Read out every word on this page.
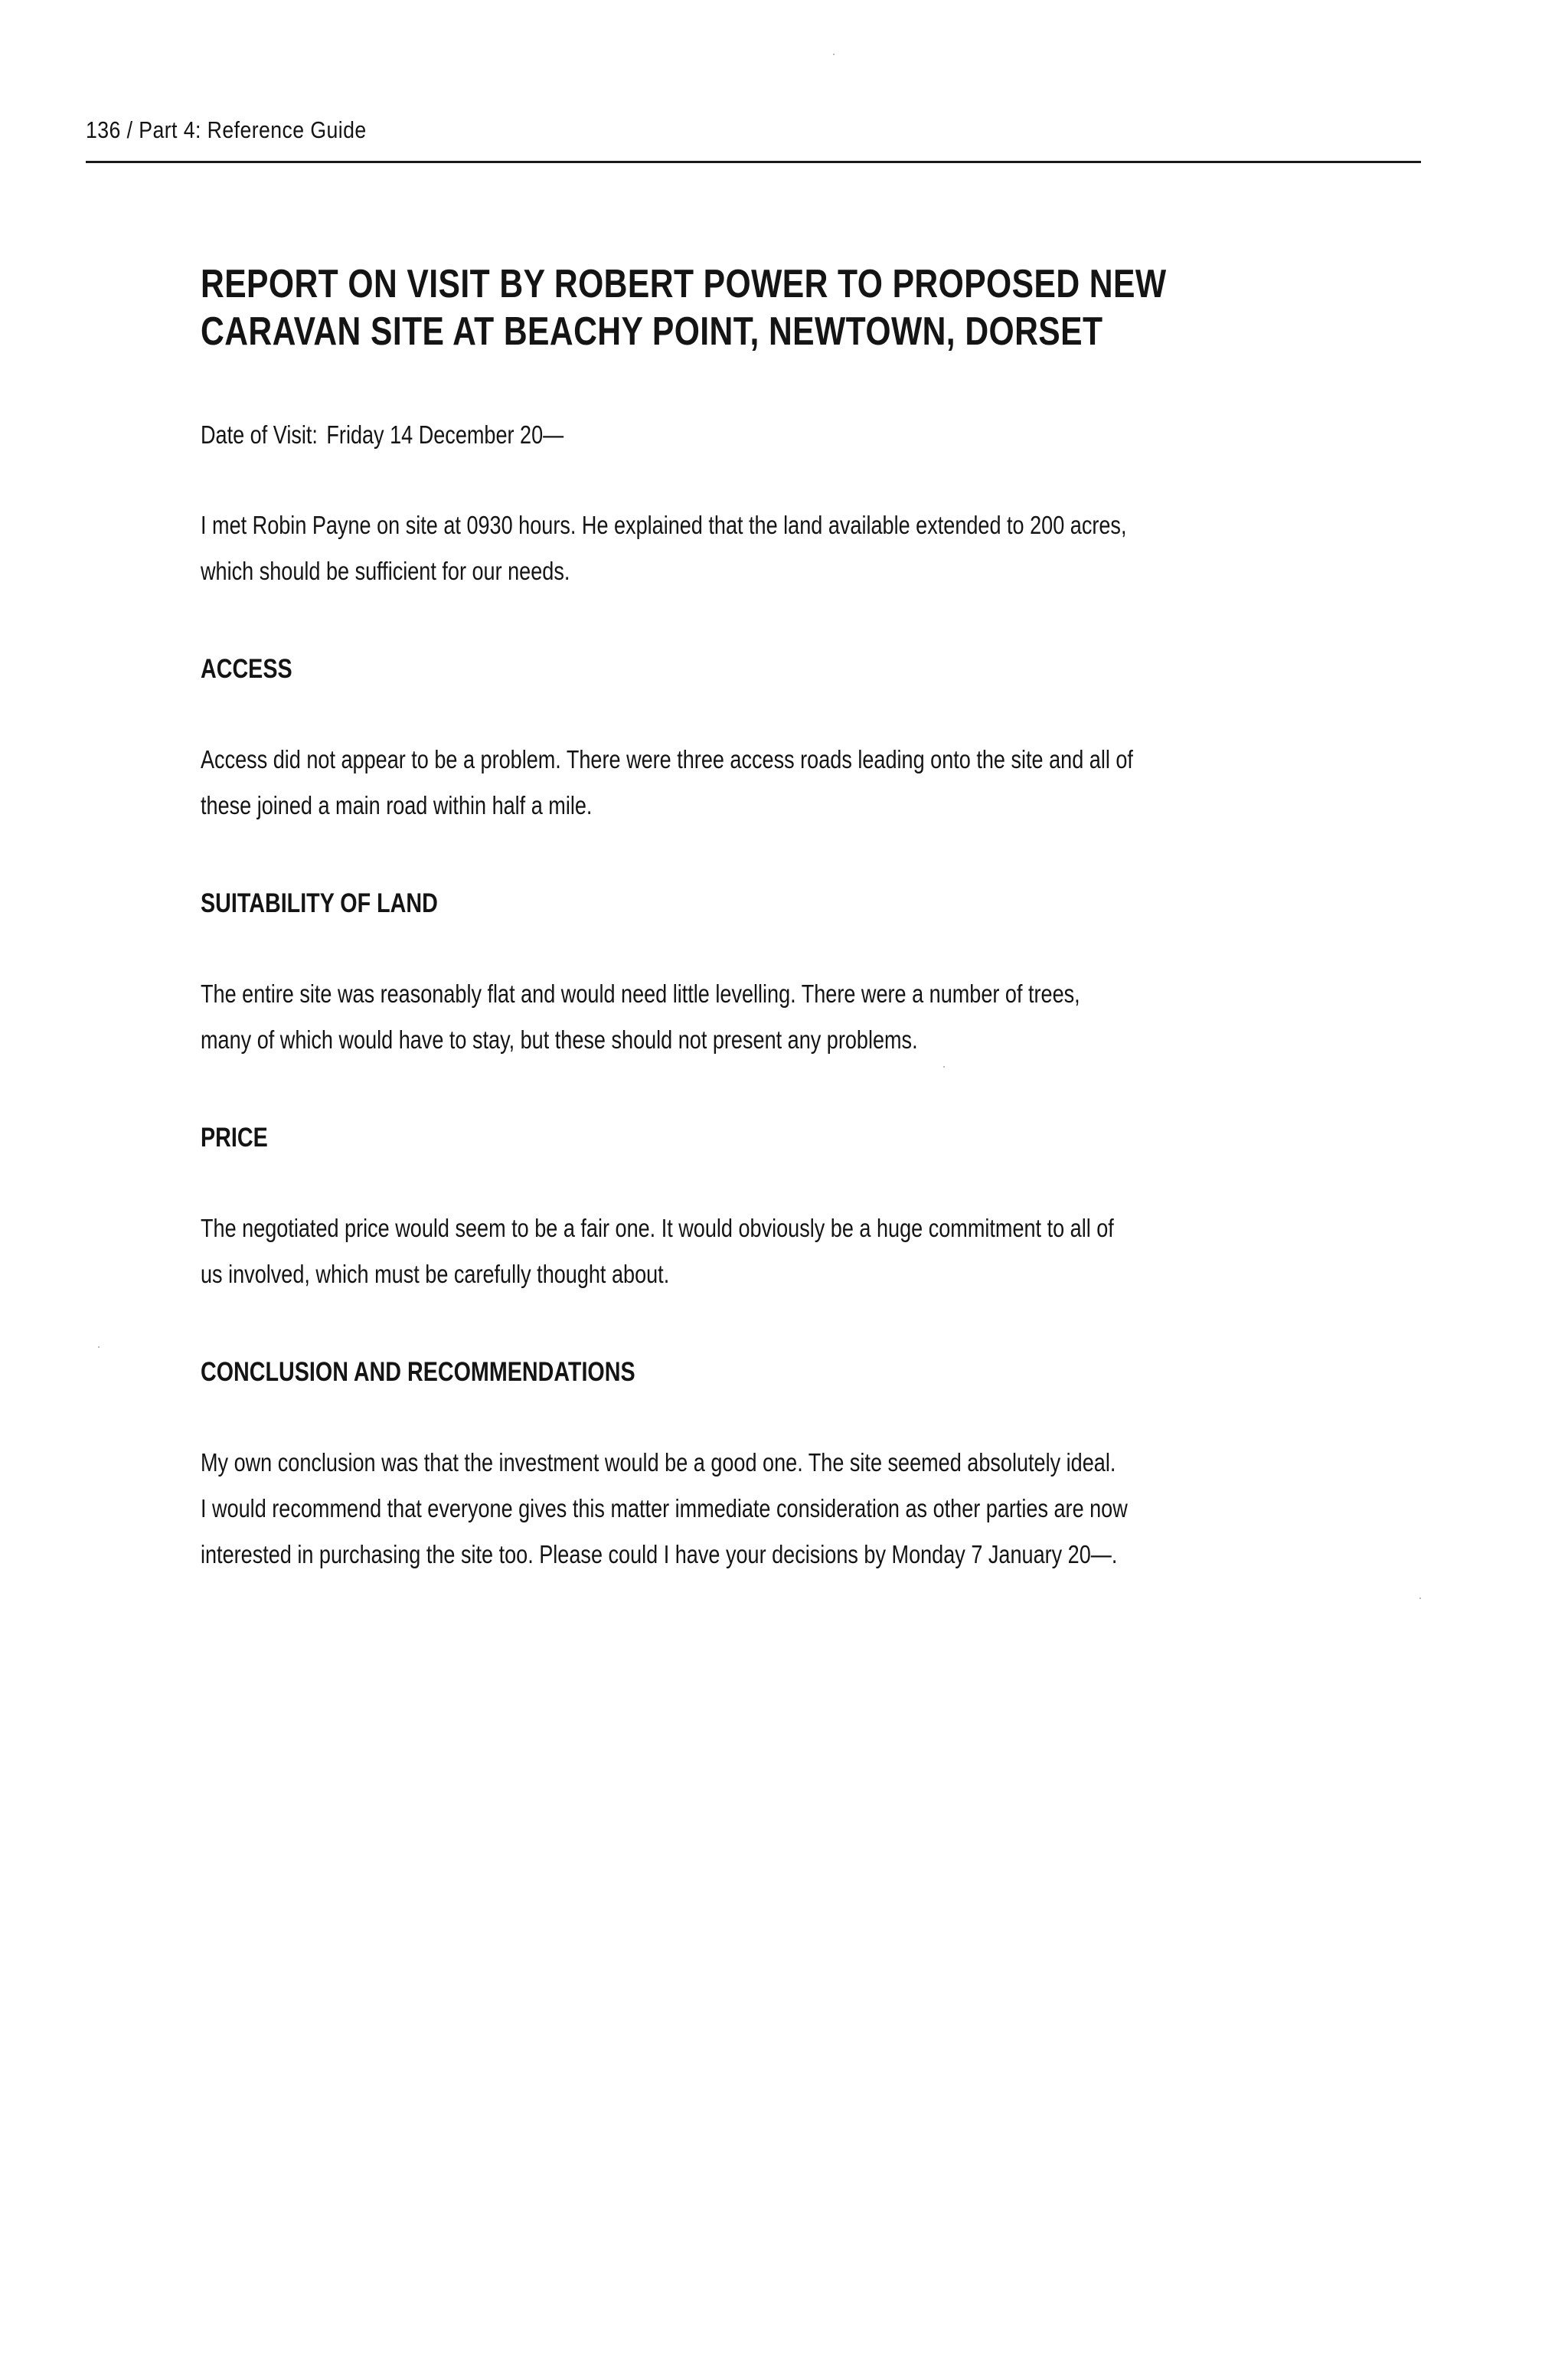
136 / Part 4: Reference Guide
REPORT ON VISIT BY ROBERT POWER TO PROPOSED NEW
CARAVAN SITE AT BEACHY POINT, NEWTOWN, DORSET
Date of Visit: Friday 14 December 20—
I met Robin Payne on site at 0930 hours. He explained that the land available extended to 200 acres,
which should be sufficient for our needs.
ACCESS
Access did not appear to be a problem. There were three access roads leading onto the site and all of
these joined a main road within half a mile.
SUITABILITY OF LAND
The entire site was reasonably flat and would need little levelling. There were a number of trees,
many of which would have to stay, but these should not present any problems.
PRICE
The negotiated price would seem to be a fair one. It would obviously be a huge commitment to all of
us involved, which must be carefully thought about.
CONCLUSION AND RECOMMENDATIONS
My own conclusion was that the investment would be a good one. The site seemed absolutely ideal.
I would recommend that everyone gives this matter immediate consideration as other parties are now
interested in purchasing the site too. Please could I have your decisions by Monday 7 January 20—.
